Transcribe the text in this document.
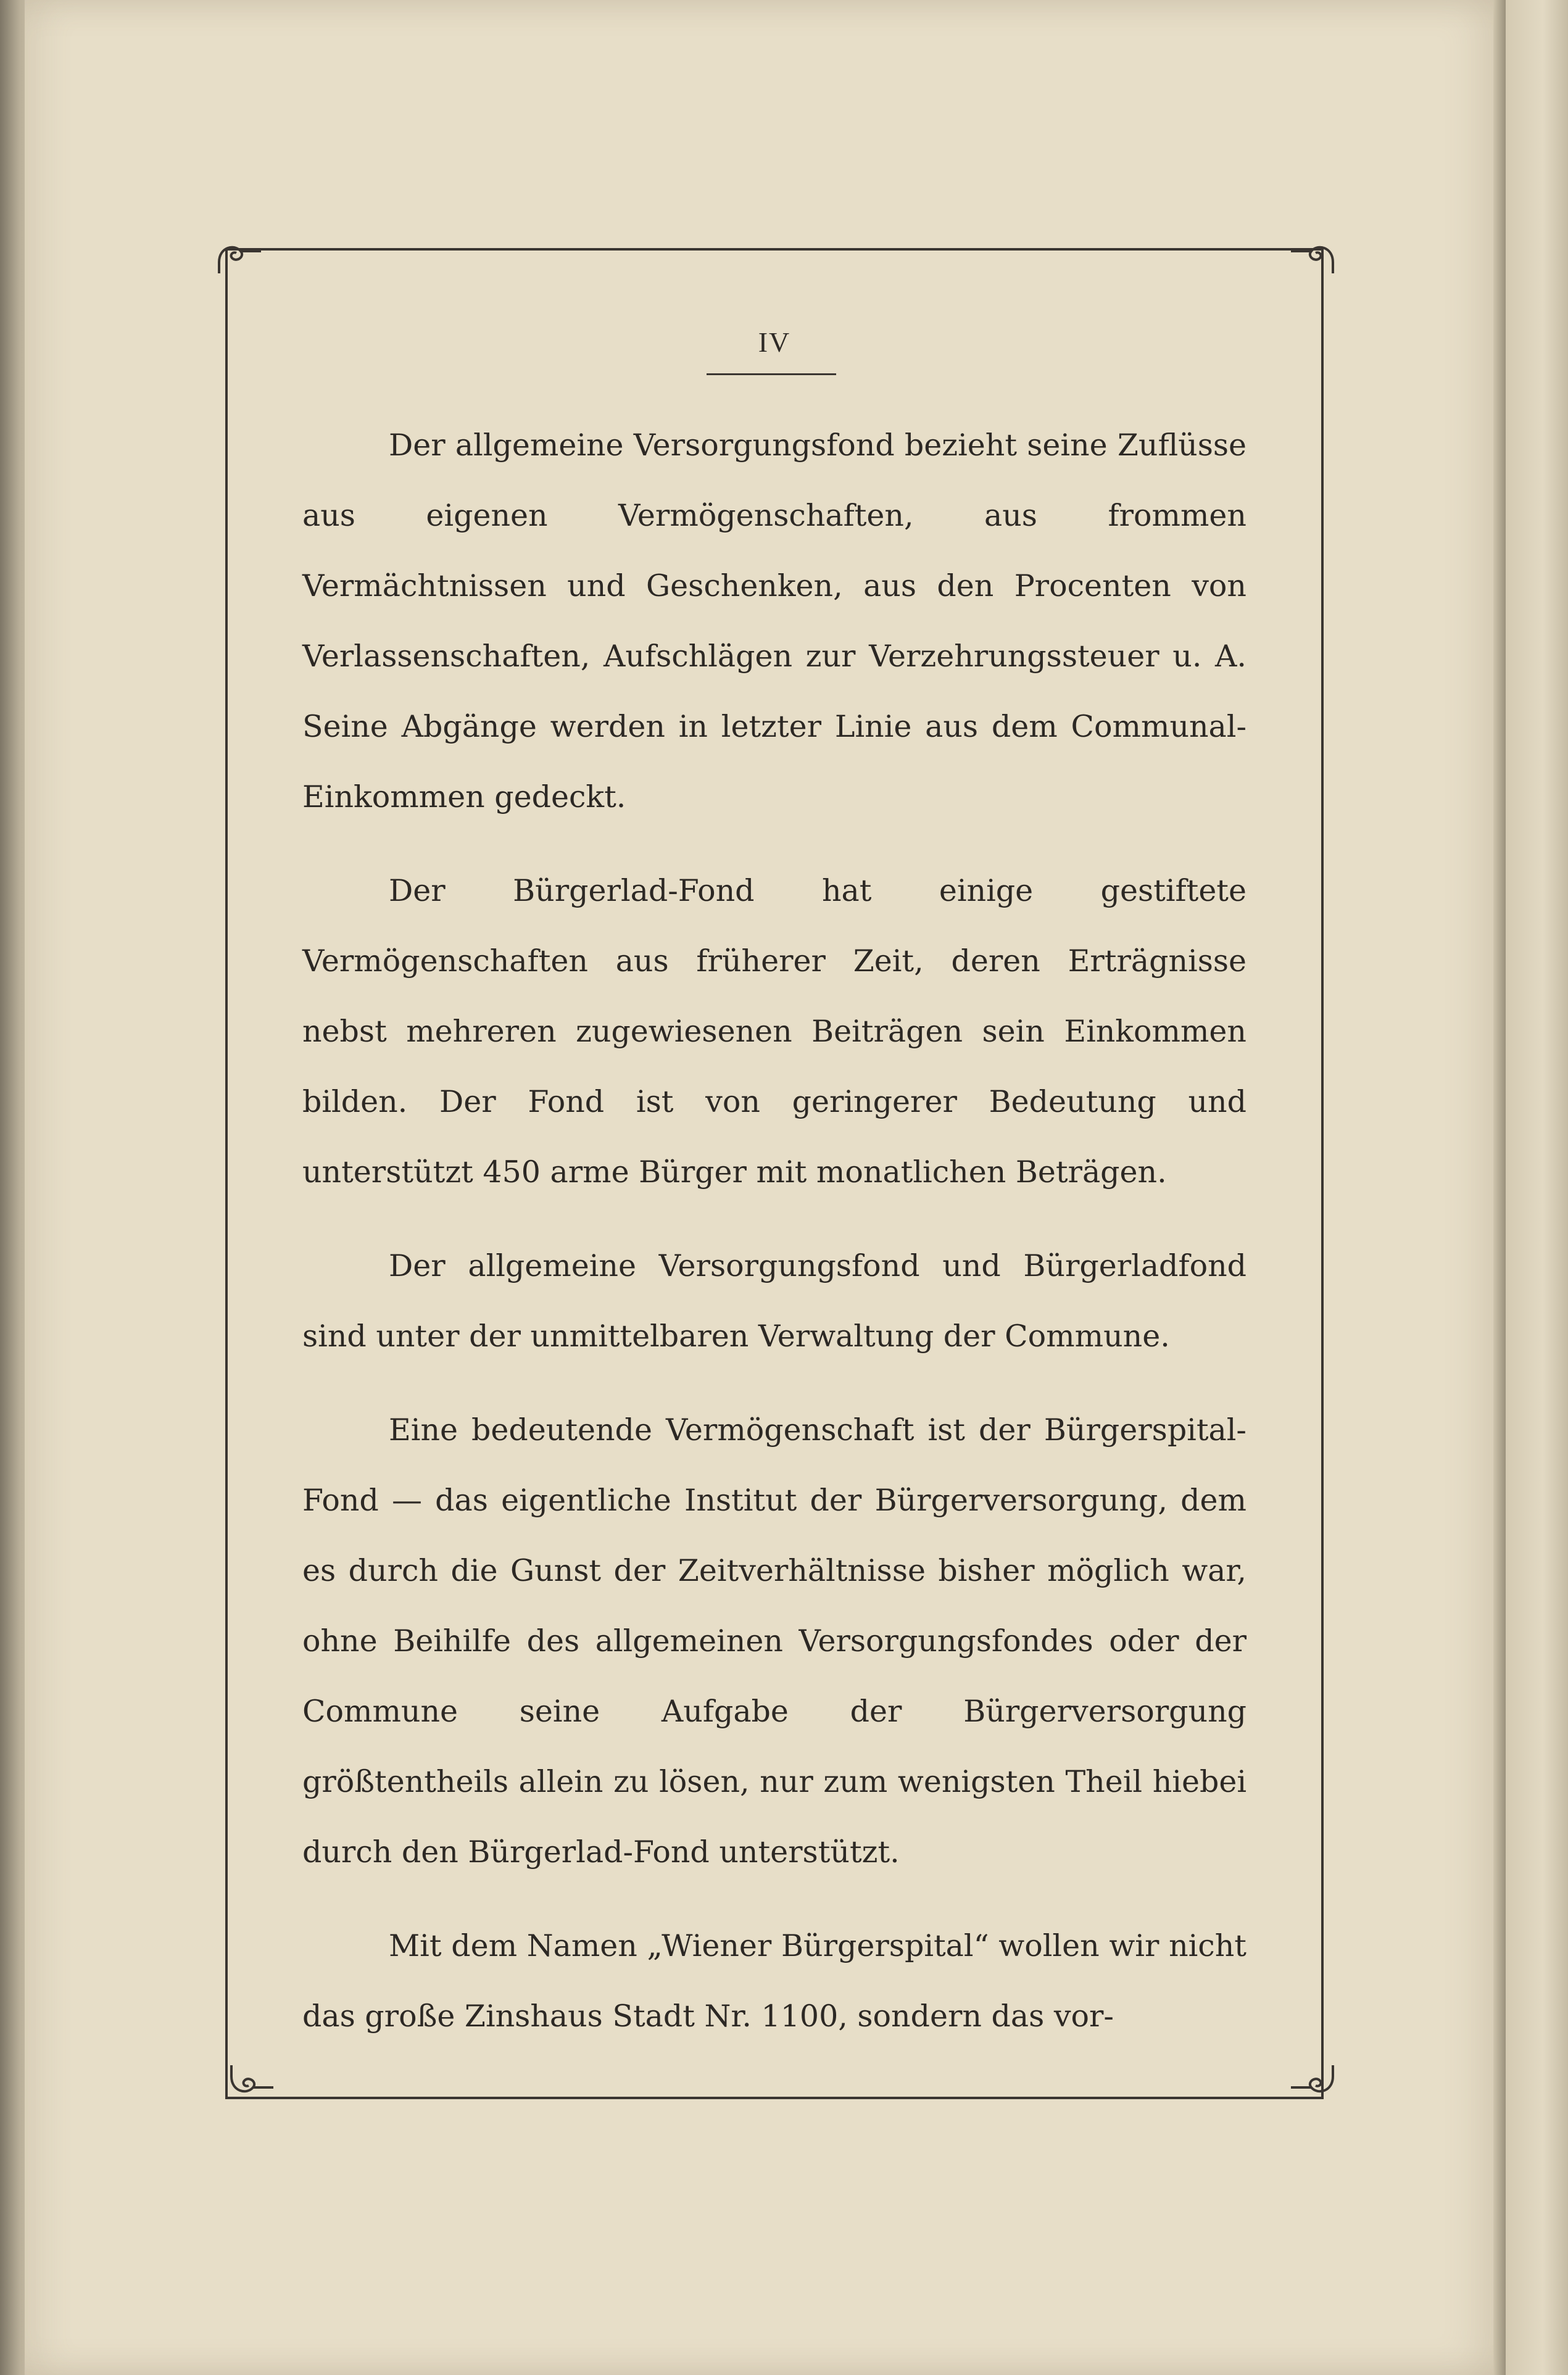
IV

Der allgemeine Versorgungsfond bezieht seine Zuflüsse aus eigenen Vermögenschaften, aus frommen Vermächtnissen und Geschenken, aus den Procenten von Verlassenschaften, Aufschlägen zur Verzehrungssteuer u. A. Seine Abgänge werden in letzter Linie aus dem Communal-Einkommen gedeckt.

Der Bürgerlad-Fond hat einige gestiftete Vermögenschaften aus früherer Zeit, deren Erträgnisse nebst mehreren zugewiesenen Beiträgen sein Einkommen bilden. Der Fond ist von geringerer Bedeutung und unterstützt 450 arme Bürger mit monatlichen Beträgen.

Der allgemeine Versorgungsfond und Bürgerladfond sind unter der unmittelbaren Verwaltung der Commune.

Eine bedeutende Vermögenschaft ist der Bürgerspital-Fond — das eigentliche Institut der Bürgerversorgung, dem es durch die Gunst der Zeitverhältnisse bisher möglich war, ohne Beihilfe des allgemeinen Versorgungsfondes oder der Commune seine Aufgabe der Bürgerversorgung größtentheils allein zu lösen, nur zum wenigsten Theil hiebei durch den Bürgerlad-Fond unterstützt.

Mit dem Namen „Wiener Bürgerspital“ wollen wir nicht das große Zinshaus Stadt Nr. 1100, sondern das vor-
